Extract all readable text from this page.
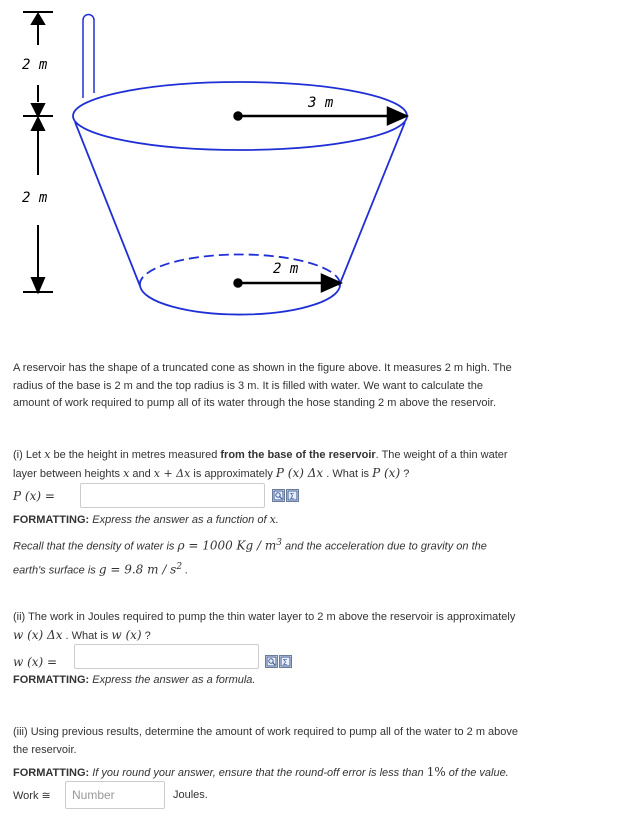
2 m
2 m
3 m
2 m
A reservoir has the shape of a truncated cone as shown in the figure above. It measures 2 m high. The
radius of the base is 2 m and the top radius is 3 m. It is filled with water. We want to calculate the
amount of work required to pump all of its water through the hose standing 2 m above the reservoir.
(i) Let x be the height in metres measured from the base of the reservoir. The weight of a thin water
layer between heights x and x + Δx is approximately P (x) Δx . What is P (x) ?
P (x) =	Σ
FORMATTING: Express the answer as a function of x.
Recall that the density of water is ρ = 1000 Kg / $m^3$ and the acceleration due to gravity on the
earth's surface is g = 9.8 m / $s^2$ .
(ii) The work in Joules required to pump the thin water layer to 2 m above the reservoir is approximately
w (x) Δx . What is w (x) ?
w (x) =	Σ
FORMATTING: Express the answer as a formula.
(iii) Using previous results, determine the amount of work required to pump all of the water to 2 m above
the reservoir.
FORMATTING: If you round your answer, ensure that the round-off error is less than 1% of the value.
Work ≅
Number	Joules.
